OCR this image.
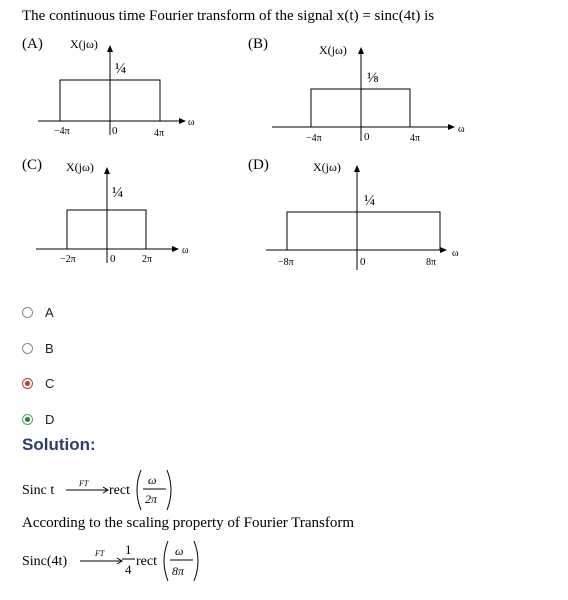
The continuous time Fourier transform of the signal x(t) = sinc(4t) is
(A)	(B)
(C)	(D)
X(jω)
¼
−4π	0	4π
ω
X(jω)
⅛
−4π	0	4π
ω
X(jω)
¼
−2π	0	2π
ω
X(jω)
¼
−8π	0	8π
ω
A
B
C
D
Solution:
Sinc t	FT rect
ω
2π
Sinc(4t)
FT 1
4
rect
ω
8π
According to the scaling property of Fourier Transform
